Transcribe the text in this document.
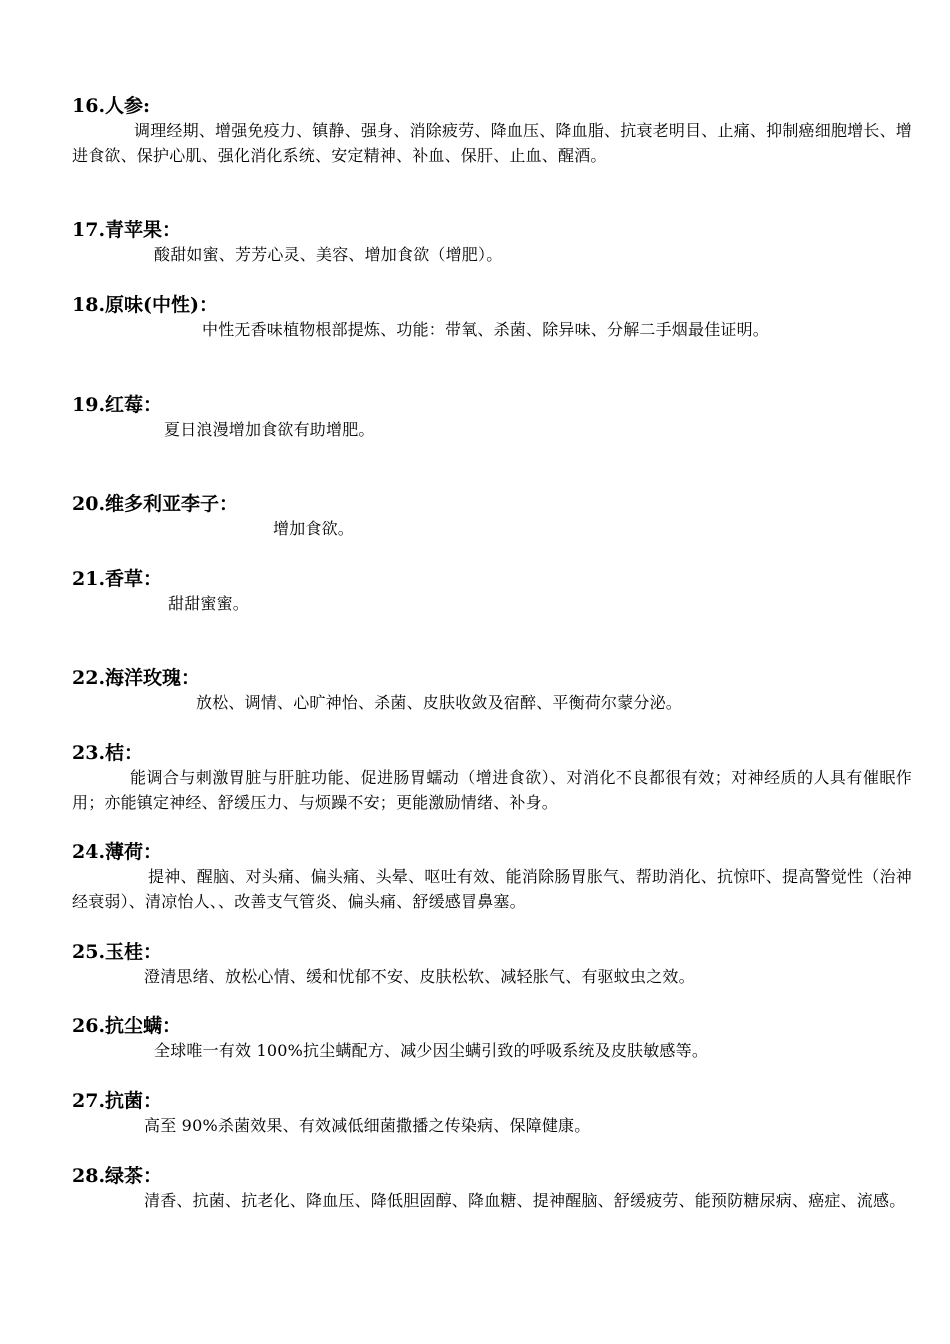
16.人参:

调理经期、增强免疫力、镇静、强身、消除疲劳、降血压、降血脂、抗衰老明目、止痛、抑制癌细胞增长、增进食欲、保护心肌、强化消化系统、安定精神、补血、保肝、止血、醒酒。

17.青苹果：

酸甜如蜜、芳芳心灵、美容、增加食欲（增肥）。

18.原味(中性)：

中性无香味植物根部提炼、功能：带氧、杀菌、除异味、分解二手烟最佳证明。

19.红莓：

夏日浪漫增加食欲有助增肥。

20.维多利亚李子：

增加食欲。

21.香草：

甜甜蜜蜜。

22.海洋玫瑰：

放松、调情、心旷神怡、杀菌、皮肤收敛及宿醉、平衡荷尔蒙分泌。

23.桔：

能调合与刺激胃脏与肝脏功能、促进肠胃蠕动（增进食欲）、对消化不良都很有效；对神经质的人具有催眠作用；亦能镇定神经、舒缓压力、与烦躁不安；更能激励情绪、补身。

24.薄荷：

提神、醒脑、对头痛、偏头痛、头晕、呕吐有效、能消除肠胃胀气、帮助消化、抗惊吓、提高警觉性（治神经衰弱）、清凉怡人、、改善支气管炎、偏头痛、舒缓感冒鼻塞。

25.玉桂：

澄清思绪、放松心情、缓和忧郁不安、皮肤松软、减轻胀气、有驱蚊虫之效。

26.抗尘螨：

全球唯一有效 100%抗尘螨配方、减少因尘螨引致的呼吸系统及皮肤敏感等。

27.抗菌：

高至 90%杀菌效果、有效减低细菌撒播之传染病、保障健康。

28.绿茶：

清香、抗菌、抗老化、降血压、降低胆固醇、降血糖、提神醒脑、舒缓疲劳、能预防糖尿病、癌症、流感。
